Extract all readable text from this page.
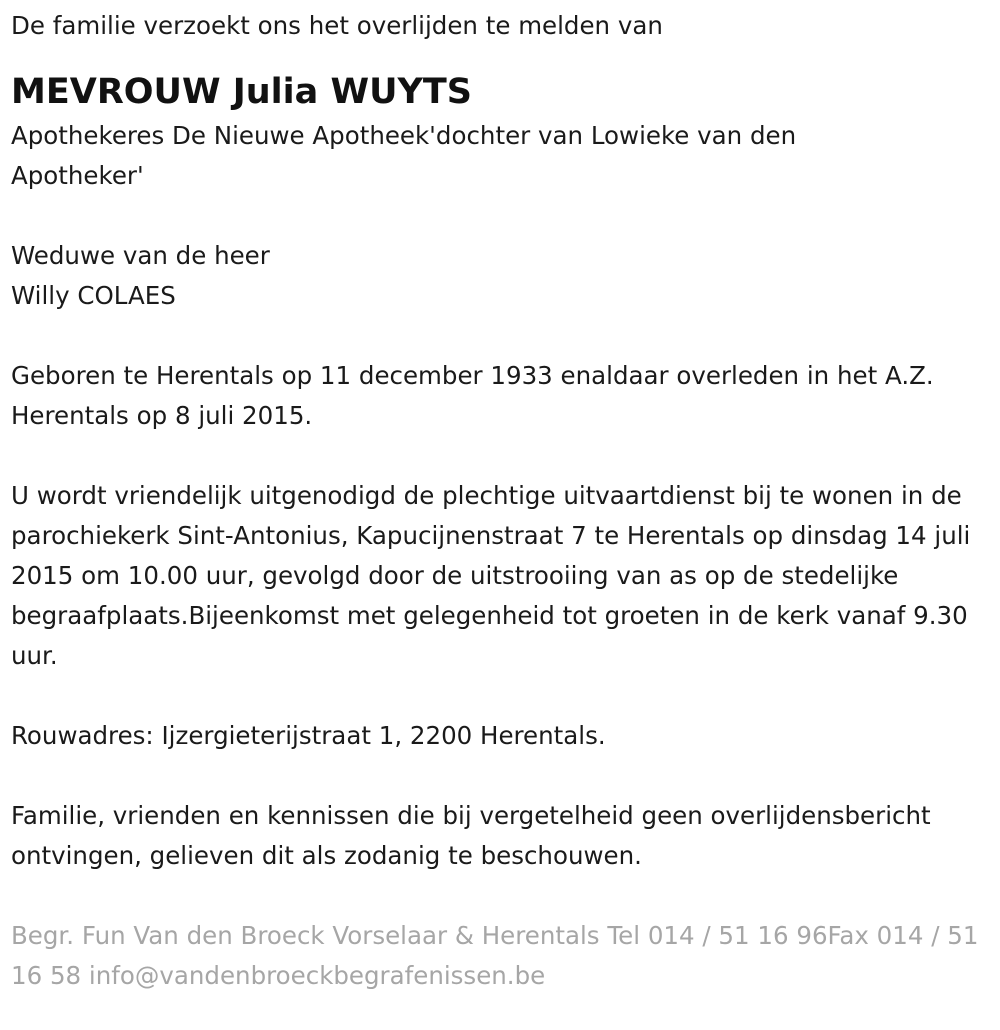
De familie verzoekt ons het overlijden te melden van

MEVROUW Julia WUYTS

Apothekeres De Nieuwe Apotheek'dochter van Lowieke van den Apotheker'

Weduwe van de heer

Willy COLAES

Geboren te Herentals op 11 december 1933 enaldaar overleden in het A.Z. Herentals op 8 juli 2015.

U wordt vriendelijk uitgenodigd de plechtige uitvaartdienst bij te wonen in de parochiekerk Sint-Antonius, Kapucijnenstraat 7 te Herentals op dinsdag 14 juli 2015 om 10.00 uur, gevolgd door de uitstrooiing van as op de stedelijke begraafplaats.Bijeenkomst met gelegenheid tot groeten in de kerk vanaf 9.30 uur.

Rouwadres: Ijzergieterijstraat 1, 2200 Herentals.

Familie, vrienden en kennissen die bij vergetelheid geen overlijdensbericht ontvingen, gelieven dit als zodanig te beschouwen.

Begr. Fun Van den Broeck Vorselaar & Herentals Tel 014 / 51 16 96Fax 014 / 51 16 58 info@vandenbroeckbegrafenissen.be
